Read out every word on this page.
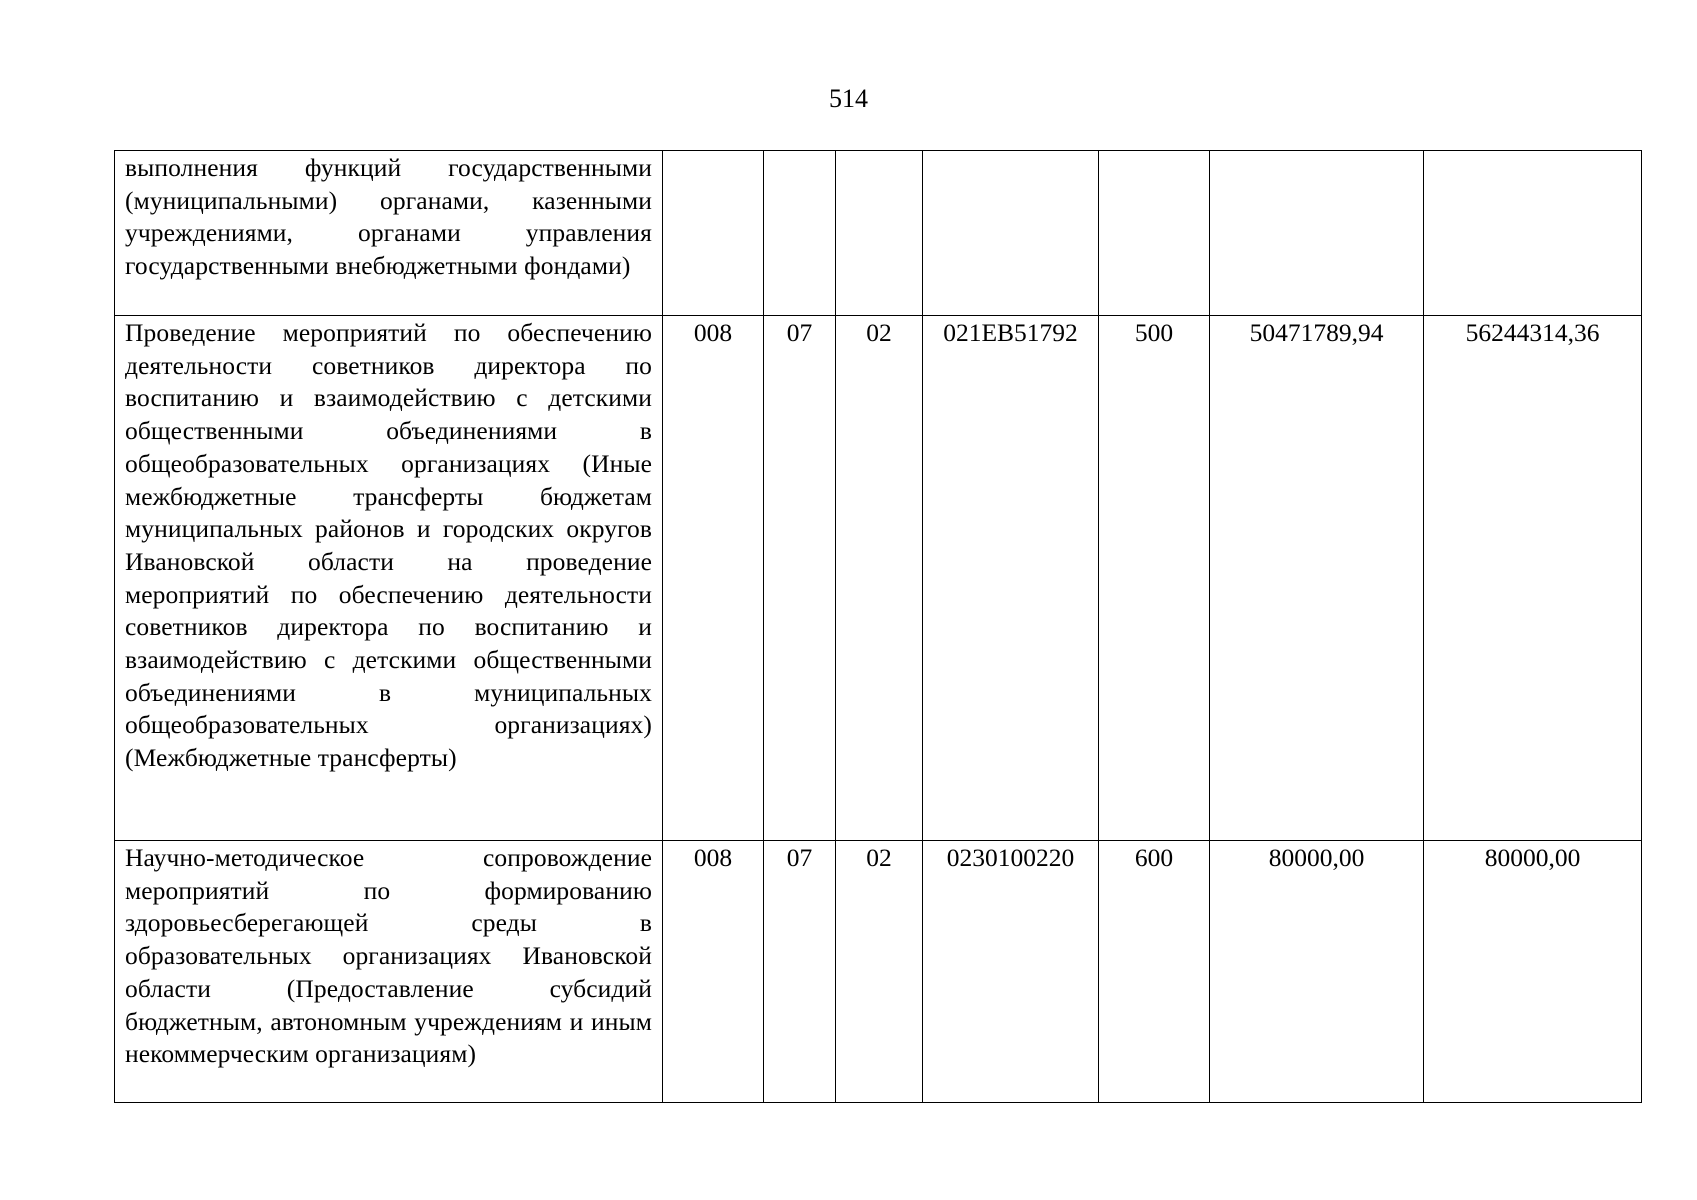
514
выполнения функций государственными (муниципальными) органами, казенными учреждениями, органами управления государственными внебюджетными фондами)							
Проведение мероприятий по обеспечению деятельности советников директора по воспитанию и взаимодействию с детскими общественными объединениями в общеобразовательных организациях (Иные межбюджетные трансферты бюджетам муниципальных районов и городских округов Ивановской области на проведение мероприятий по обеспечению деятельности советников директора по воспитанию и взаимодействию с детскими общественными объединениями в муниципальных общеобразовательных организациях) (Межбюджетные трансферты)	008	07	02	021EВ51792	500	50471789,94	56244314,36
Научно-методическое сопровождение мероприятий по формированию здоровьесберегающей среды в образовательных организациях Ивановской области (Предоставление субсидий бюджетным, автономным учреждениям и иным некоммерческим организациям)	008	07	02	0230100220	600	80000,00	80000,00
